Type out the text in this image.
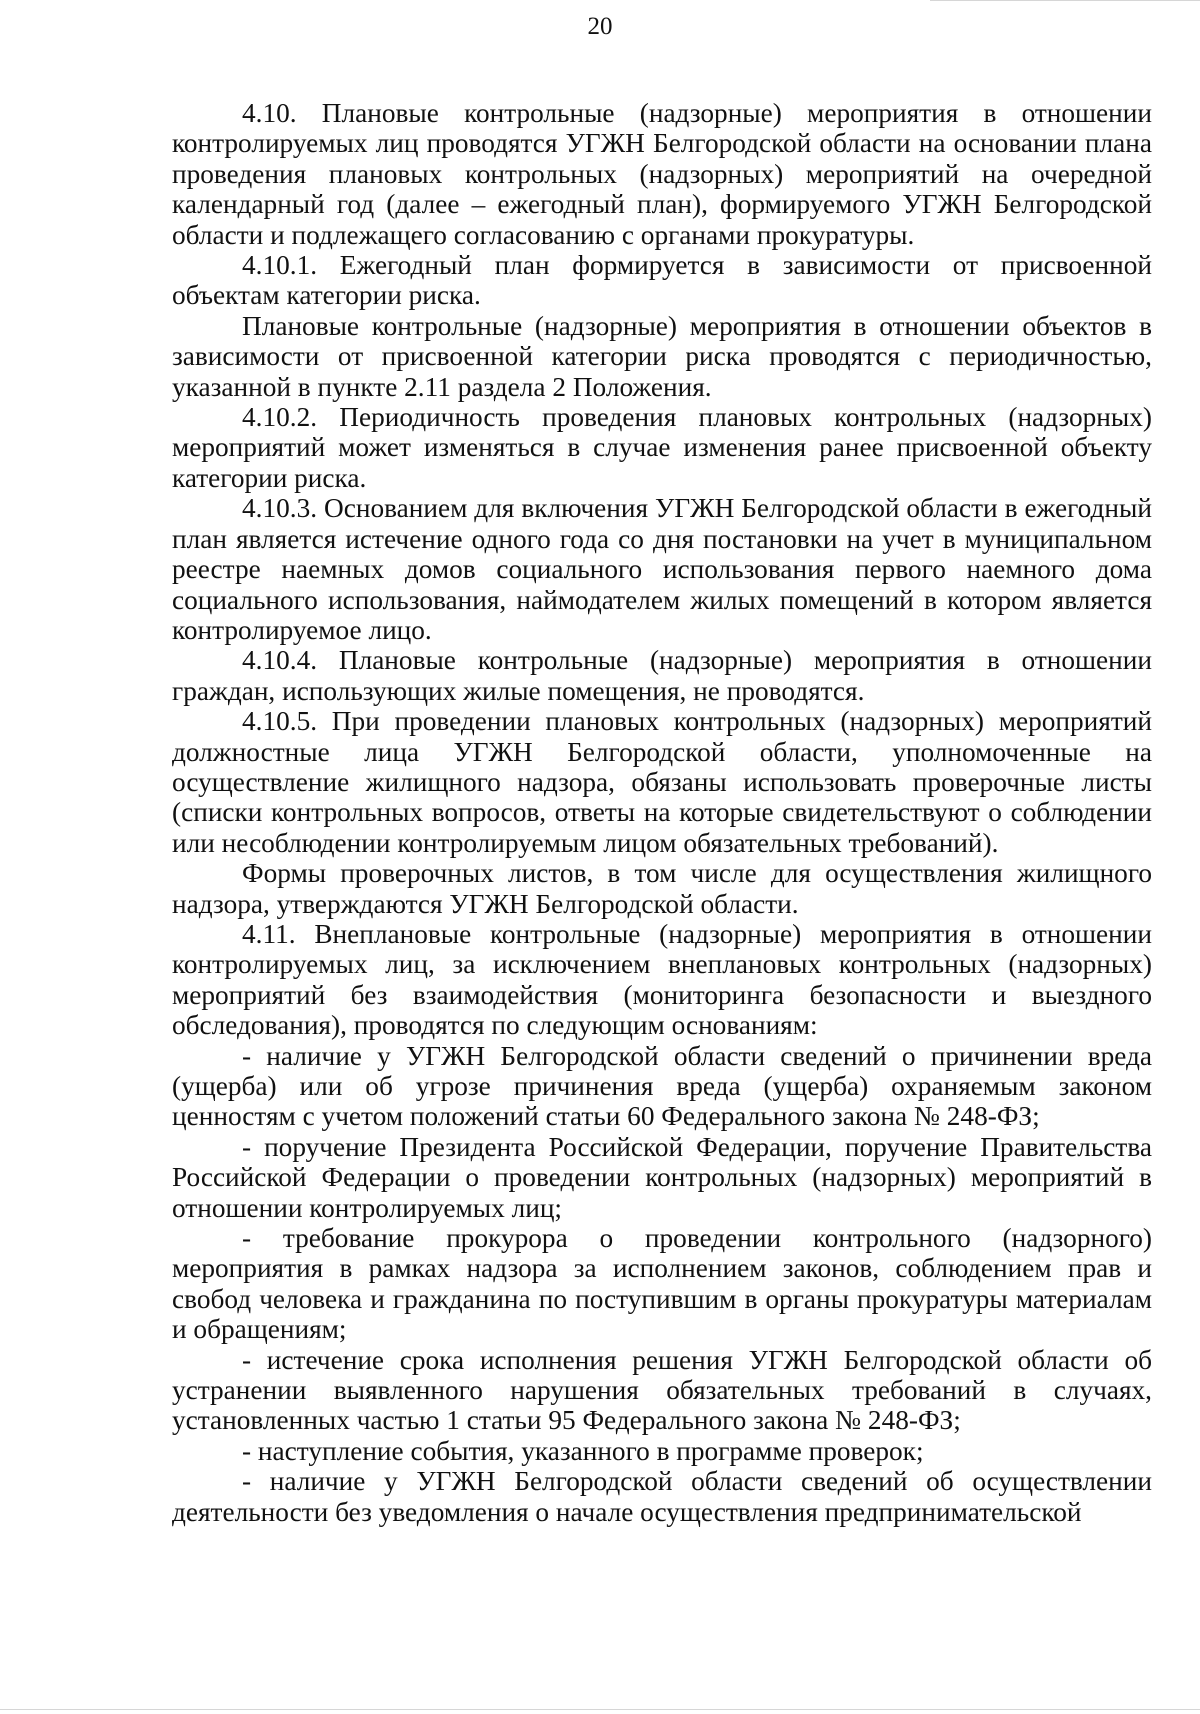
20

4.10. Плановые контрольные (надзорные) мероприятия в отношении контролируемых лиц проводятся УГЖН Белгородской области на основании плана проведения плановых контрольных (надзорных) мероприятий на очередной календарный год (далее – ежегодный план), формируемого УГЖН Белгородской области и подлежащего согласованию с органами прокуратуры.

4.10.1. Ежегодный план формируется в зависимости от присвоенной объектам категории риска.

Плановые контрольные (надзорные) мероприятия в отношении объектов в зависимости от присвоенной категории риска проводятся с периодичностью, указанной в пункте 2.11 раздела 2 Положения.

4.10.2. Периодичность проведения плановых контрольных (надзорных) мероприятий может изменяться в случае изменения ранее присвоенной объекту категории риска.

4.10.3. Основанием для включения УГЖН Белгородской области в ежегодный план является истечение одного года со дня постановки на учет в муниципальном реестре наемных домов социального использования первого наемного дома социального использования, наймодателем жилых помещений в котором является контролируемое лицо.

4.10.4. Плановые контрольные (надзорные) мероприятия в отношении граждан, использующих жилые помещения, не проводятся.

4.10.5. При проведении плановых контрольных (надзорных) мероприятий должностные лица УГЖН Белгородской области, уполномоченные на осуществление жилищного надзора, обязаны использовать проверочные листы (списки контрольных вопросов, ответы на которые свидетельствуют о соблюдении или несоблюдении контролируемым лицом обязательных требований).

Формы проверочных листов, в том числе для осуществления жилищного надзора, утверждаются УГЖН Белгородской области.

4.11. Внеплановые контрольные (надзорные) мероприятия в отношении контролируемых лиц, за исключением внеплановых контрольных (надзорных) мероприятий без взаимодействия (мониторинга безопасности и выездного обследования), проводятся по следующим основаниям:

- наличие у УГЖН Белгородской области сведений о причинении вреда (ущерба) или об угрозе причинения вреда (ущерба) охраняемым законом ценностям с учетом положений статьи 60 Федерального закона № 248-ФЗ;

- поручение Президента Российской Федерации, поручение Правительства Российской Федерации о проведении контрольных (надзорных) мероприятий в отношении контролируемых лиц;

- требование прокурора о проведении контрольного (надзорного) мероприятия в рамках надзора за исполнением законов, соблюдением прав и свобод человека и гражданина по поступившим в органы прокуратуры материалам и обращениям;

- истечение срока исполнения решения УГЖН Белгородской области об устранении выявленного нарушения обязательных требований в случаях, установленных частью 1 статьи 95 Федерального закона № 248-ФЗ;

- наступление события, указанного в программе проверок;

- наличие у УГЖН Белгородской области сведений об осуществлении деятельности без уведомления о начале осуществления предпринимательской
